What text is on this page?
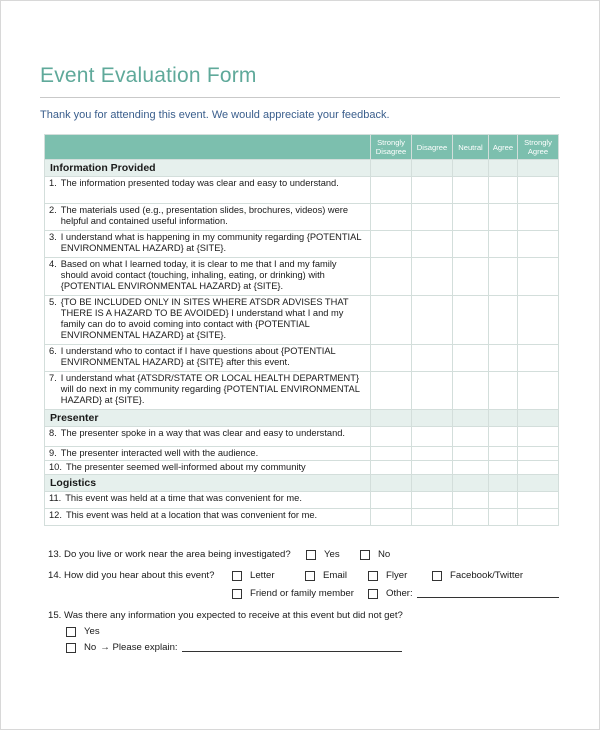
Event Evaluation Form
Thank you for attending this event. We would appreciate your feedback.
	Strongly Disagree	Disagree	Neutral	Agree	Strongly Agree
Information Provided					

1. The information presented today was clear and easy to understand.					

2. The materials used (e.g., presentation slides, brochures, videos) were helpful and contained useful information.					

3. I understand what is happening in my community regarding {POTENTIAL ENVIRONMENTAL HAZARD} at {SITE}.					

4. Based on what I learned today, it is clear to me that I and my family should avoid contact (touching, inhaling, eating, or drinking) with {POTENTIAL ENVIRONMENTAL HAZARD} at {SITE}.					

5. {TO BE INCLUDED ONLY IN SITES WHERE ATSDR ADVISES THAT THERE IS A HAZARD TO BE AVOIDED} I understand what I and my family can do to avoid coming into contact with {POTENTIAL ENVIRONMENTAL HAZARD} at {SITE}.					

6. I understand who to contact if I have questions about {POTENTIAL ENVIRONMENTAL HAZARD} at {SITE} after this event.					

7. I understand what {ATSDR/STATE OR LOCAL HEALTH DEPARTMENT} will do next in my community regarding {POTENTIAL ENVIRONMENTAL HAZARD} at {SITE}.					

Presenter					

8. The presenter spoke in a way that was clear and easy to understand.					

9. The presenter interacted well with the audience.					

10. The presenter seemed well-informed about my community					

Logistics					

11. This event was held at a time that was convenient for me.					

12. This event was held at a location that was convenient for me.					

13. Do you live or work near the area being investigated?	Yes	No
14. How did you hear about this event?	Letter	Email	Flyer	Facebook/Twitter
Friend or family member	Other:
15. Was there any information you expected to receive at this event but did not get?
Yes
No → Please explain:
